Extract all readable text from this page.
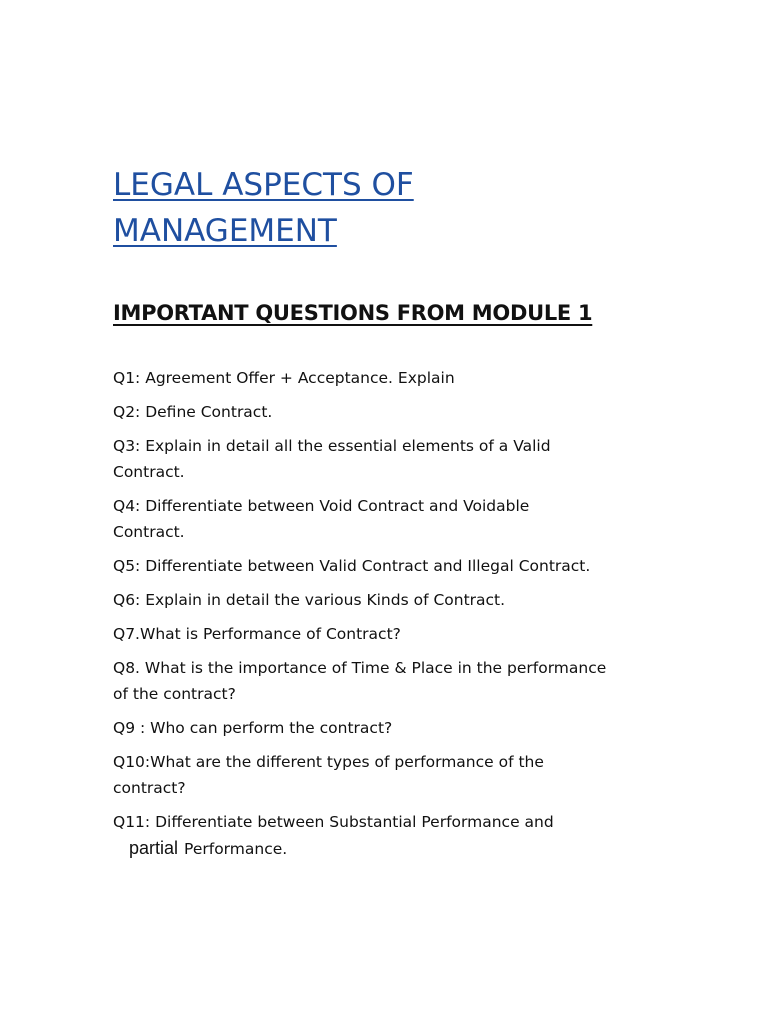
LEGAL ASPECTS OF
MANAGEMENT
IMPORTANT QUESTIONS FROM MODULE 1
Q1: Agreement Offer + Acceptance. Explain
Q2: Define Contract.
Q3: Explain in detail all the essential elements of a Valid
Contract.
Q4: Differentiate between Void Contract and Voidable
Contract.
Q5: Differentiate between Valid Contract and Illegal Contract.
Q6: Explain in detail the various Kinds of Contract.
Q7.What is Performance of Contract?
Q8. What is the importance of Time & Place in the performance
of the contract?
Q9 : Who can perform the contract?
Q10:What are the different types of performance of the
contract?
Q11: Differentiate between Substantial Performance and
partial Performance.
